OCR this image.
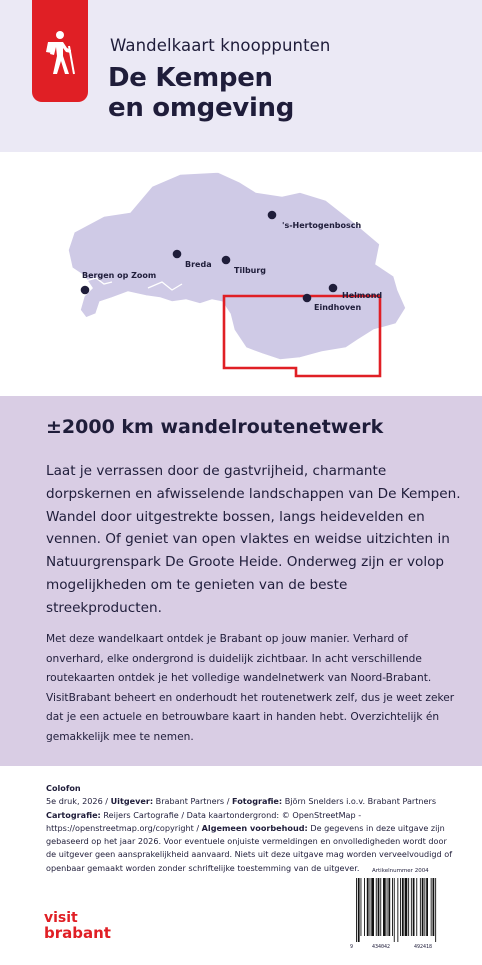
Wandelkaart knooppunten
De Kempen
en omgeving
's-Hertogenbosch
Breda
Tilburg
Bergen op Zoom
Helmond
Eindhoven
±2000 km wandelroutenetwerk
Laat je verrassen door de gastvrijheid, charmante dorpskernen en afwisselende landschappen van De Kempen. Wandel door uitgestrekte bossen, langs heidevelden en vennen. Of geniet van open vlaktes en weidse uitzichten in Natuurgrenspark De Groote Heide. Onderweg zijn er volop mogelijkheden om te genieten van de beste streekproducten.
Met deze wandelkaart ontdek je Brabant op jouw manier. Verhard of onverhard, elke ondergrond is duidelijk zichtbaar. In acht verschillende routekaarten ontdek je het volledige wandelnetwerk van Noord-Brabant. VisitBrabant beheert en onderhoudt het routenetwerk zelf, dus je weet zeker dat je een actuele en betrouwbare kaart in handen hebt. Overzichtelijk én gemakkelijk mee te nemen.
Colofon
5e druk, 2026 / Uitgever: Brabant Partners / Fotografie: Björn Snelders i.o.v. Brabant Partners
Cartografie: Reijers Cartografie / Data kaartondergrond: © OpenStreetMap - https://openstreetmap.org/copyright / Algemeen voorbehoud: De gegevens in deze uitgave zijn gebaseerd op het jaar 2026. Voor eventuele onjuiste vermeldingen en onvolledigheden wordt door de uitgever geen aansprakelijkheid aanvaard. Niets uit deze uitgave mag worden verveelvoudigd of openbaar gemaakt worden zonder schriftelijke toestemming van de uitgever.
visit
brabant
Artikelnummer 2004
9	434042	492418
